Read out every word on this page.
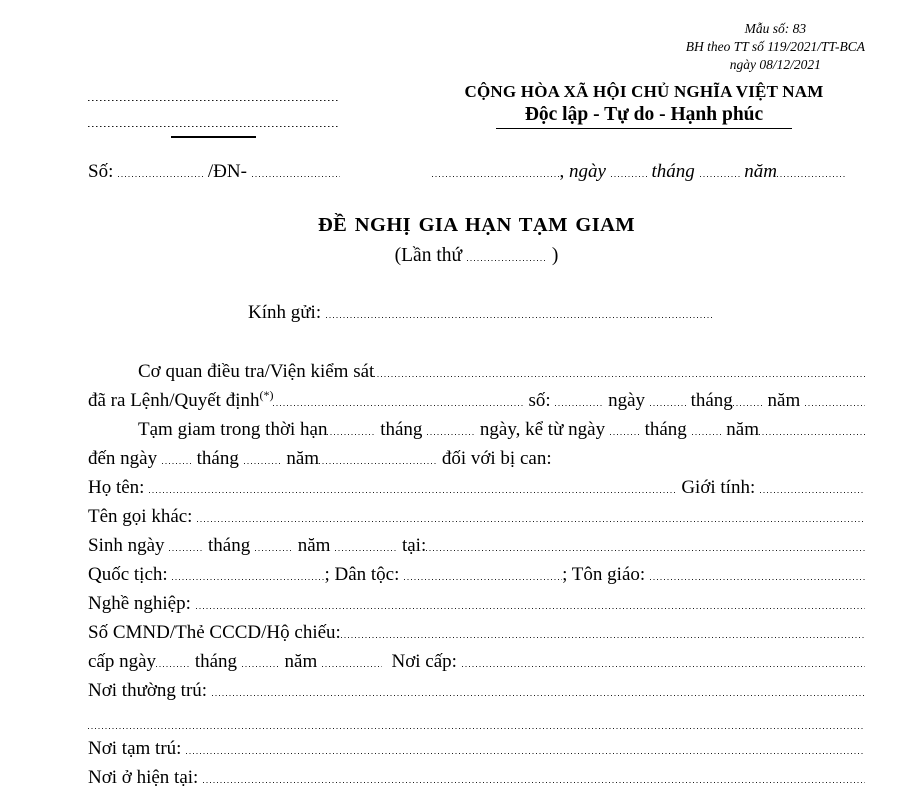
Mẫu số: 83
BH theo TT số 119/2021/TT-BCA
ngày 08/12/2021
CỘNG HÒA XÃ HỘI CHỦ NGHĨA VIỆT NAM
Độc lập - Tự do - Hạnh phúc
Số:	/ĐN-	, ngày tháng năm
ĐỀ NGHỊ GIA HẠN TẠM GIAM
(Lần thứ	)
Kính gửi:
Cơ quan điều tra/Viện kiểm sát
đã ra Lệnh/Quyết định (*)	số:	ngày tháng năm
Tạm giam trong thời hạn	tháng	ngày, kể từ ngày tháng năm
đến ngày tháng năm	đối với bị can:
Họ tên:	Giới tính:
Tên gọi khác:
Sinh ngày tháng năm	tại:
Quốc tịch:	; Dân tộc:	; Tôn giáo:
Nghề nghiệp:
Số CMND/Thẻ CCCD/Hộ chiếu:
cấp ngày tháng năm	Nơi cấp:
Nơi thường trú:
Nơi tạm trú:
Nơi ở hiện tại:
